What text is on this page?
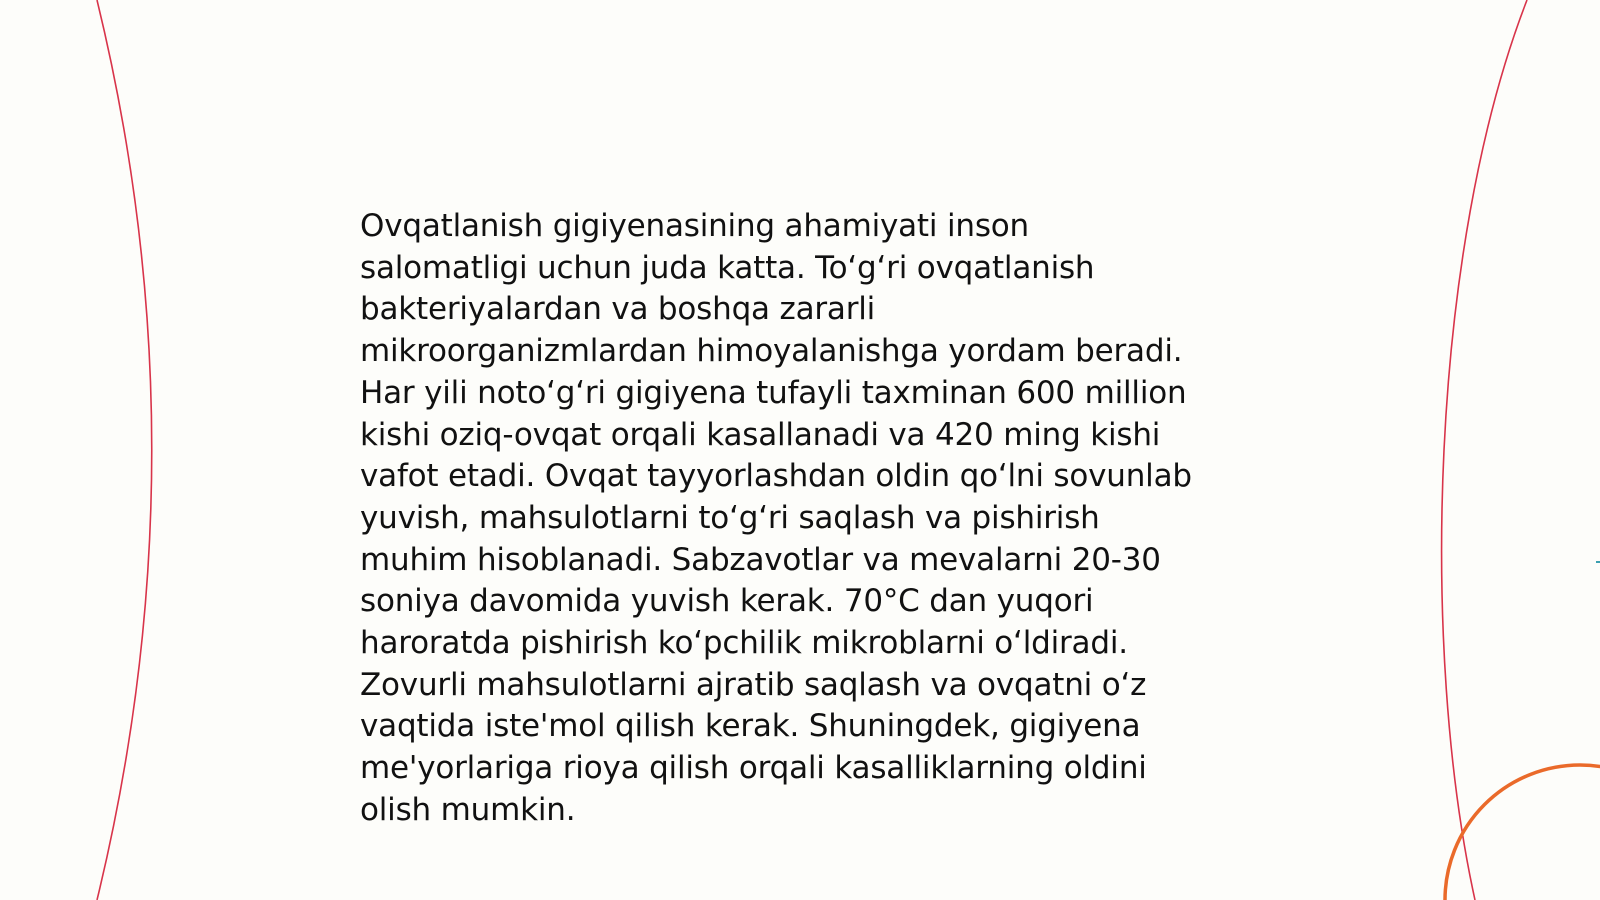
Ovqatlanish gigiyenasining ahamiyati inson
salomatligi uchun juda katta. To‘g‘ri ovqatlanish
bakteriyalardan va boshqa zararli
mikroorganizmlardan himoyalanishga yordam beradi.
Har yili noto‘g‘ri gigiyena tufayli taxminan 600 million
kishi oziq-ovqat orqali kasallanadi va 420 ming kishi
vafot etadi. Ovqat tayyorlashdan oldin qo‘lni sovunlab
yuvish, mahsulotlarni to‘g‘ri saqlash va pishirish
muhim hisoblanadi. Sabzavotlar va mevalarni 20-30
soniya davomida yuvish kerak. 70°C dan yuqori
haroratda pishirish ko‘pchilik mikroblarni o‘ldiradi.
Zovurli mahsulotlarni ajratib saqlash va ovqatni o‘z
vaqtida iste'mol qilish kerak. Shuningdek, gigiyena
me'yorlariga rioya qilish orqali kasalliklarning oldini
olish mumkin.
